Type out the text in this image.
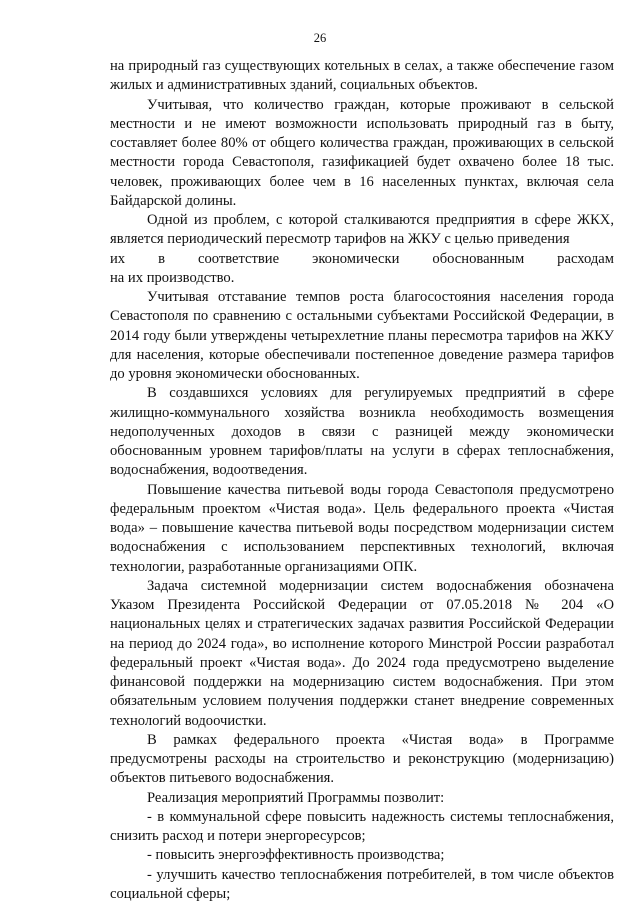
26

на природный газ существующих котельных в селах, а также обеспечение газом жилых и административных зданий, социальных объектов.

Учитывая, что количество граждан, которые проживают в сельской местности и не имеют возможности использовать природный газ в быту, составляет более 80% от общего количества граждан, проживающих в сельской местности города Севастополя, газификацией будет охвачено более 18 тыс. человек, проживающих более чем в 16 населенных пунктах, включая села Байдарской долины.

Одной из проблем, с которой сталкиваются предприятия в сфере ЖКХ, является периодический пересмотр тарифов на ЖКУ с целью приведения

их в соответствие экономически обоснованным расходам

на их производство.

Учитывая отставание темпов роста благосостояния населения города Севастополя по сравнению с остальными субъектами Российской Федерации, в 2014 году были утверждены четырехлетние планы пересмотра тарифов на ЖКУ для населения, которые обеспечивали постепенное доведение размера тарифов до уровня экономически обоснованных.

В создавшихся условиях для регулируемых предприятий в сфере жилищно-коммунального хозяйства возникла необходимость возмещения недополученных доходов в связи с разницей между экономически обоснованным уровнем тарифов/платы на услуги в сферах теплоснабжения, водоснабжения, водоотведения.

Повышение качества питьевой воды города Севастополя предусмотрено федеральным проектом «Чистая вода». Цель федерального проекта «Чистая вода» – повышение качества питьевой воды посредством модернизации систем водоснабжения с использованием перспективных технологий, включая технологии, разработанные организациями ОПК.

Задача системной модернизации систем водоснабжения обозначена Указом Президента Российской Федерации от 07.05.2018 № 204 «О национальных целях и стратегических задачах развития Российской Федерации на период до 2024 года», во исполнение которого Минстрой России разработал федеральный проект «Чистая вода». До 2024 года предусмотрено выделение финансовой поддержки на модернизацию систем водоснабжения. При этом обязательным условием получения поддержки станет внедрение современных технологий водоочистки.

В рамках федерального проекта «Чистая вода» в Программе предусмотрены расходы на строительство и реконструкцию (модернизацию) объектов питьевого водоснабжения.

Реализация мероприятий Программы позволит:

- в коммунальной сфере повысить надежность системы теплоснабжения, снизить расход и потери энергоресурсов;

- повысить энергоэффективность производства;

- улучшить качество теплоснабжения потребителей, в том числе объектов социальной сферы;
